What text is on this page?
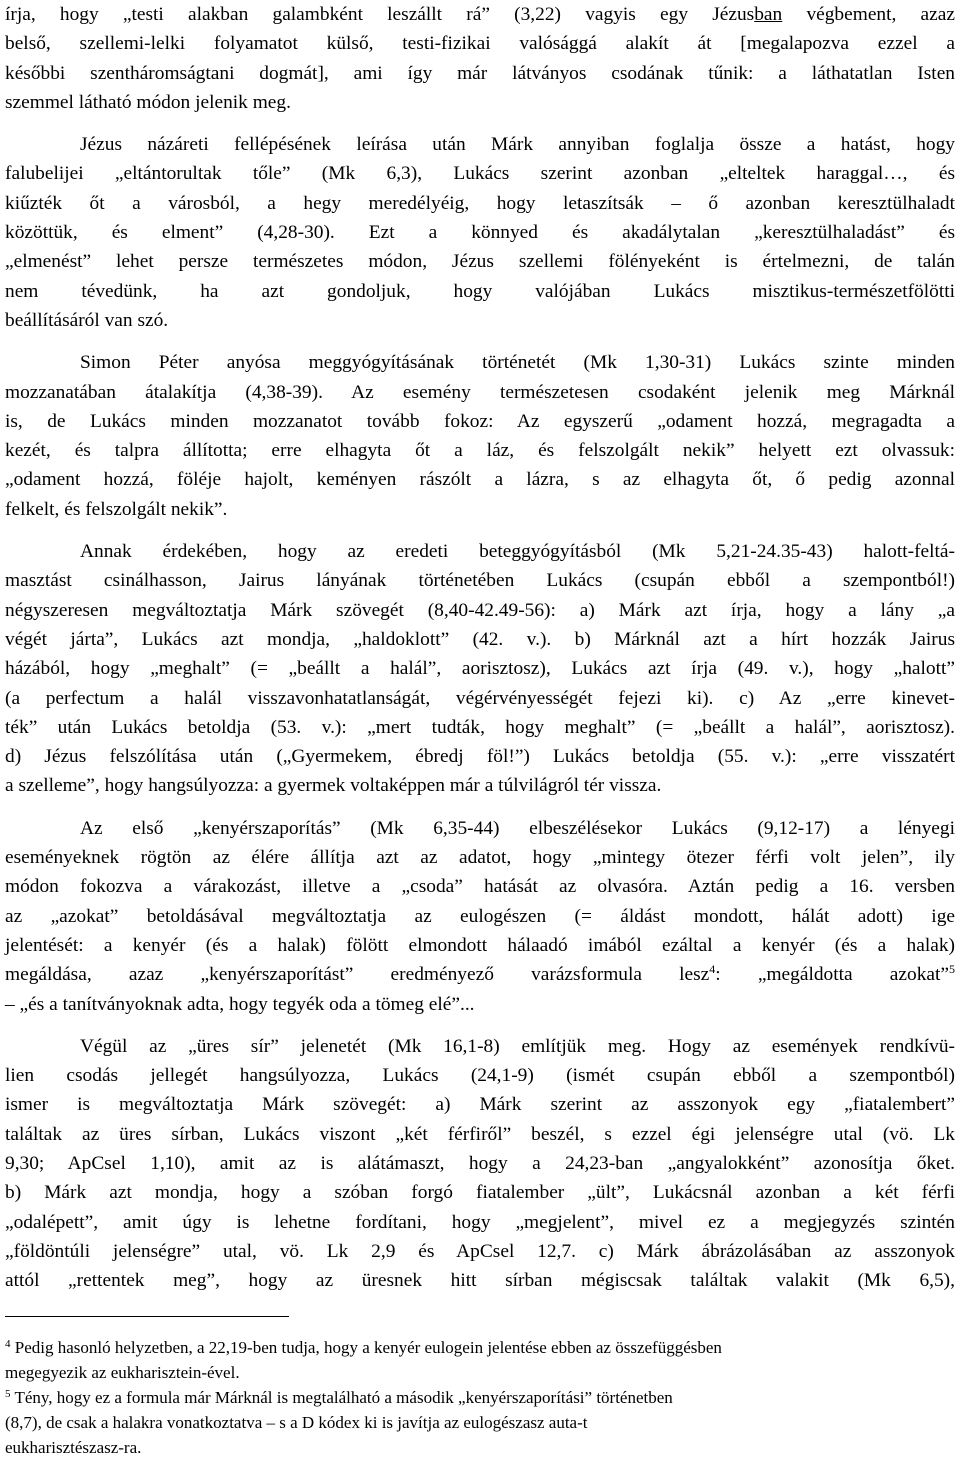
írja, hogy „testi alakban galambként leszállt rá” (3,22) vagyis egy Jézusban végbement, azaz
belső, szellemi-lelki folyamatot külső, testi-fizikai valósággá alakít át [megalapozva ezzel a
későbbi szentháromságtani dogmát], ami így már látványos csodának tűnik: a láthatatlan Isten
szemmel látható módon jelenik meg.
Jézus názáreti fellépésének leírása után Márk annyiban foglalja össze a hatást, hogy
falubelijei „eltántorultak tőle” (Mk 6,3), Lukács szerint azonban „elteltek haraggal…, és
kiűzték őt a városból, a hegy meredélyéig, hogy letaszítsák – ő azonban keresztülhaladt
közöttük, és elment” (4,28-30). Ezt a könnyed és akadálytalan „keresztülhaladást” és
„elmenést” lehet persze természetes módon, Jézus szellemi fölényeként is értelmezni, de talán
nem tévedünk, ha azt gondoljuk, hogy valójában Lukács misztikus-természetfölötti
beállításáról van szó.
Simon Péter anyósa meggyógyításának történetét (Mk 1,30-31) Lukács szinte minden
mozzanatában átalakítja (4,38-39). Az esemény természetesen csodaként jelenik meg Márknál
is, de Lukács minden mozzanatot tovább fokoz: Az egyszerű „odament hozzá, megragadta a
kezét, és talpra állította; erre elhagyta őt a láz, és felszolgált nekik” helyett ezt olvassuk:
„odament hozzá, föléje hajolt, keményen rászólt a lázra, s az elhagyta őt, ő pedig azonnal
felkelt, és felszolgált nekik”.
Annak érdekében, hogy az eredeti beteggyógyításból (Mk 5,21-24.35-43) halott-feltá-
masztást csinálhasson, Jairus lányának történetében Lukács (csupán ebből a szempontból!)
négyszeresen megváltoztatja Márk szövegét (8,40-42.49-56): a) Márk azt írja, hogy a lány „a
végét járta”, Lukács azt mondja, „haldoklott” (42. v.). b) Márknál azt a hírt hozzák Jairus
házából, hogy „meghalt” (= „beállt a halál”, aorisztosz), Lukács azt írja (49. v.), hogy „halott”
(a perfectum a halál visszavonhatatlanságát, végérvényességét fejezi ki). c) Az „erre kinevet-
ték” után Lukács betoldja (53. v.): „mert tudták, hogy meghalt” (= „beállt a halál”, aorisztosz).
d) Jézus felszólítása után („Gyermekem, ébredj föl!”) Lukács betoldja (55. v.): „erre visszatért
a szelleme”, hogy hangsúlyozza: a gyermek voltaképpen már a túlvilágról tér vissza.
Az első „kenyérszaporítás” (Mk 6,35-44) elbeszélésekor Lukács (9,12-17) a lényegi
eseményeknek rögtön az élére állítja azt az adatot, hogy „mintegy ötezer férfi volt jelen”, ily
módon fokozva a várakozást, illetve a „csoda” hatását az olvasóra. Aztán pedig a 16. versben
az „azokat” betoldásával megváltoztatja az eulogészen (= áldást mondott, hálát adott) ige
jelentését: a kenyér (és a halak) fölött elmondott hálaadó imából ezáltal a kenyér (és a halak)
megáldása, azaz „kenyérszaporítást” eredményező varázsformula lesz$^4$: „megáldotta azokat”$^5$
– „és a tanítványoknak adta, hogy tegyék oda a tömeg elé”...
Végül az „üres sír” jelenetét (Mk 16,1-8) említjük meg. Hogy az események rendkívü-
lien csodás jellegét hangsúlyozza, Lukács (24,1-9) (ismét csupán ebből a szempontból)
ismer is megváltoztatja Márk szövegét: a) Márk szerint az asszonyok egy „fiatalembert”
találtak az üres sírban, Lukács viszont „két férfiről” beszél, s ezzel égi jelenségre utal (vö. Lk
9,30; ApCsel 1,10), amit az is alátámaszt, hogy a 24,23-ban „angyalokként” azonosítja őket.
b) Márk azt mondja, hogy a szóban forgó fiatalember „ült”, Lukácsnál azonban a két férfi
„odalépett”, amit úgy is lehetne fordítani, hogy „megjelent”, mivel ez a megjegyzés szintén
„földöntúli jelenségre” utal, vö. Lk 2,9 és ApCsel 12,7. c) Márk ábrázolásában az asszonyok
attól „rettentek meg”, hogy az üresnek hitt sírban mégiscsak találtak valakit (Mk 6,5),
$^4$ Pedig hasonló helyzetben, a 22,19-ben tudja, hogy a kenyér eulogein jelentése ebben az összefüggésben
megegyezik az eukharisztein-ével.
$^5$ Tény, hogy ez a formula már Márknál is megtalálható a második „kenyérszaporítási” történetben
(8,7), de csak a halakra vonatkoztatva – s a D kódex ki is javítja az eulogészasz auta-t
eukharisztészasz-ra.
